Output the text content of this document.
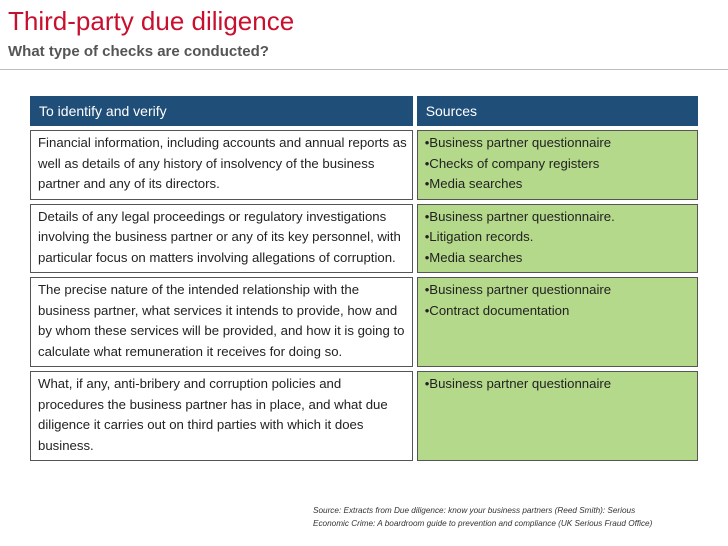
Third-party due diligence
What type of checks are conducted?
To identify and verify	Sources
Financial information, including accounts and annual reports as well as details of any history of insolvency of the business partner and any of its directors.
•Business partner questionnaire
•Checks of company registers
•Media searches
Details of any legal proceedings or regulatory investigations involving the business partner or any of its key personnel, with particular focus on matters involving allegations of corruption.
•Business partner questionnaire.
•Litigation records.
•Media searches
The precise nature of the intended relationship with the business partner, what services it intends to provide, how and by whom these services will be provided, and how it is going to calculate what remuneration it receives for doing so.
•Business partner questionnaire
•Contract documentation
What, if any, anti-bribery and corruption policies and procedures the business partner has in place, and what due diligence it carries out on third parties with which it does business.
•Business partner questionnaire
Source: Extracts from Due diligence: know your business partners (Reed Smith): Serious
Economic Crime: A boardroom guide to prevention and compliance (UK Serious Fraud Office)
